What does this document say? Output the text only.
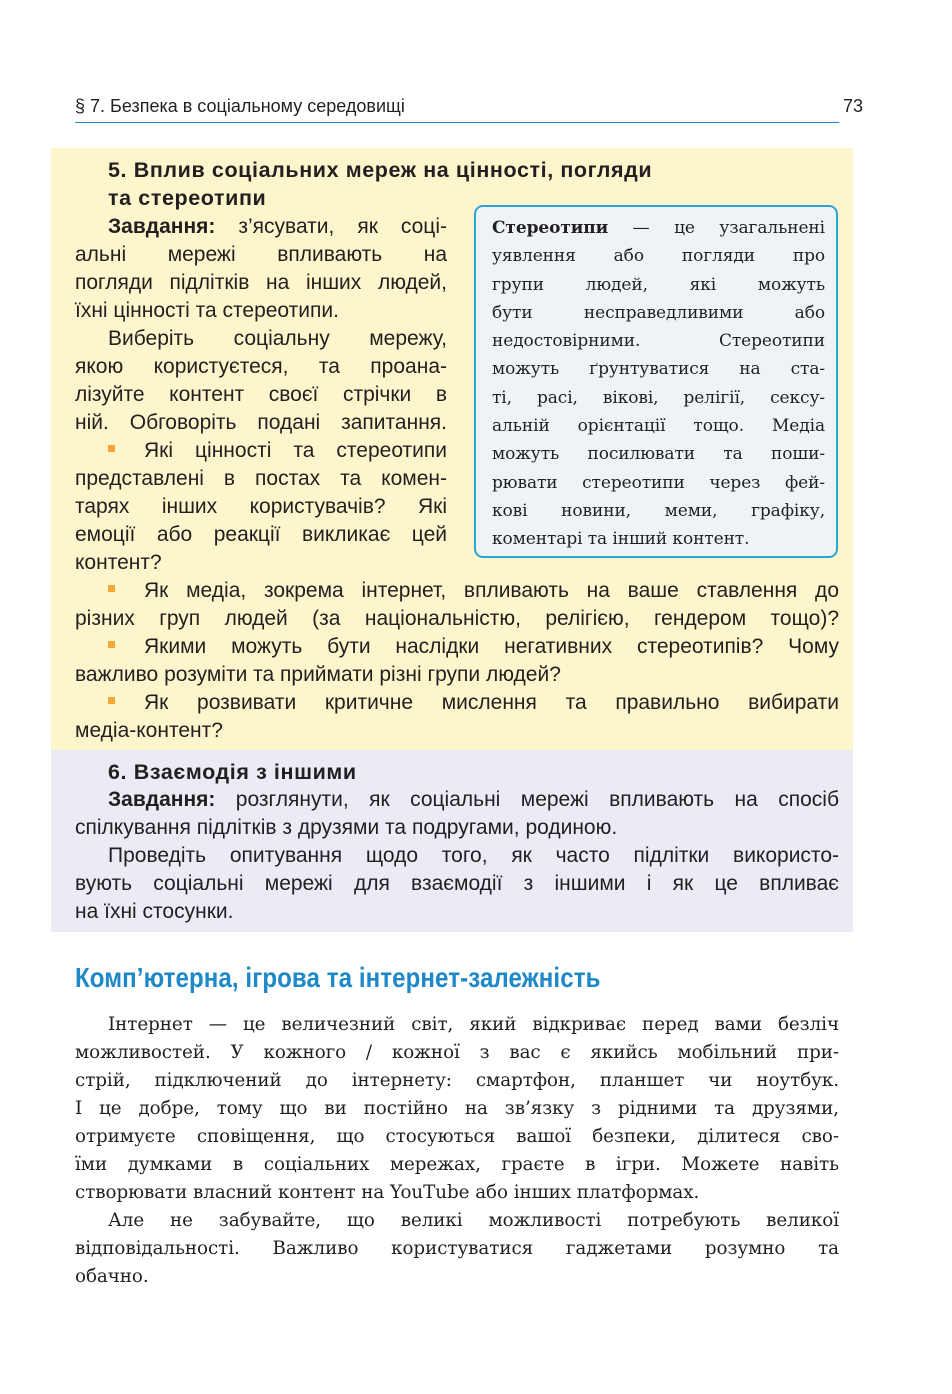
§ 7. Безпека в соціальному середовищі	73
5. Вплив соціальних мереж на цінності, погляди
та стереотипи
Завдання: з’ясувати, як соці-
альні мережі впливають на
погляди підлітків на інших людей,
їхні цінності та стереотипи.
Виберіть соціальну мережу,
якою користуєтеся, та проана-
лізуйте контент своєї стрічки в
ній. Обговоріть подані запитання.
Які цінності та стереотипи
представлені в постах та комен-
тарях інших користувачів? Які
емоції або реакції викликає цей
контент?
Стереотипи — це узагальнені
уявлення або погляди про
групи людей, які можуть
бути несправедливими або
недостовірними. Стереотипи
можуть ґрунтуватися на ста-
ті, расі, вікові, релігії, сексу-
альній орієнтації тощо. Медіа
можуть посилювати та поши-
рювати стереотипи через фей-
кові новини, меми, графіку,
коментарі та інший контент.
Як медіа, зокрема інтернет, впливають на ваше ставлення до
різних груп людей (за національністю, релігією, гендером тощо)?
Якими можуть бути наслідки негативних стереотипів? Чому
важливо розуміти та приймати різні групи людей?
Як розвивати критичне мислення та правильно вибирати
медіа-контент?
6. Взаємодія з іншими
Завдання: розглянути, як соціальні мережі впливають на спосіб
спілкування підлітків з друзями та подругами, родиною.
Проведіть опитування щодо того, як часто підлітки використо-
вують соціальні мережі для взаємодії з іншими і як це впливає
на їхні стосунки.
Комп’ютерна, ігрова та інтернет-залежність
Інтернет — це величезний світ, який відкриває перед вами безліч
можливостей. У кожного / кожної з вас є якийсь мобільний при-
стрій, підключений до інтернету: смартфон, планшет чи ноутбук.
І це добре, тому що ви постійно на зв’язку з рідними та друзями,
отримуєте сповіщення, що стосуються вашої безпеки, ділитеся сво-
їми думками в соціальних мережах, граєте в ігри. Можете навіть
створювати власний контент на YouTube або інших платформах.
Але не забувайте, що великі можливості потребують великої
відповідальності. Важливо користуватися гаджетами розумно та
обачно.
